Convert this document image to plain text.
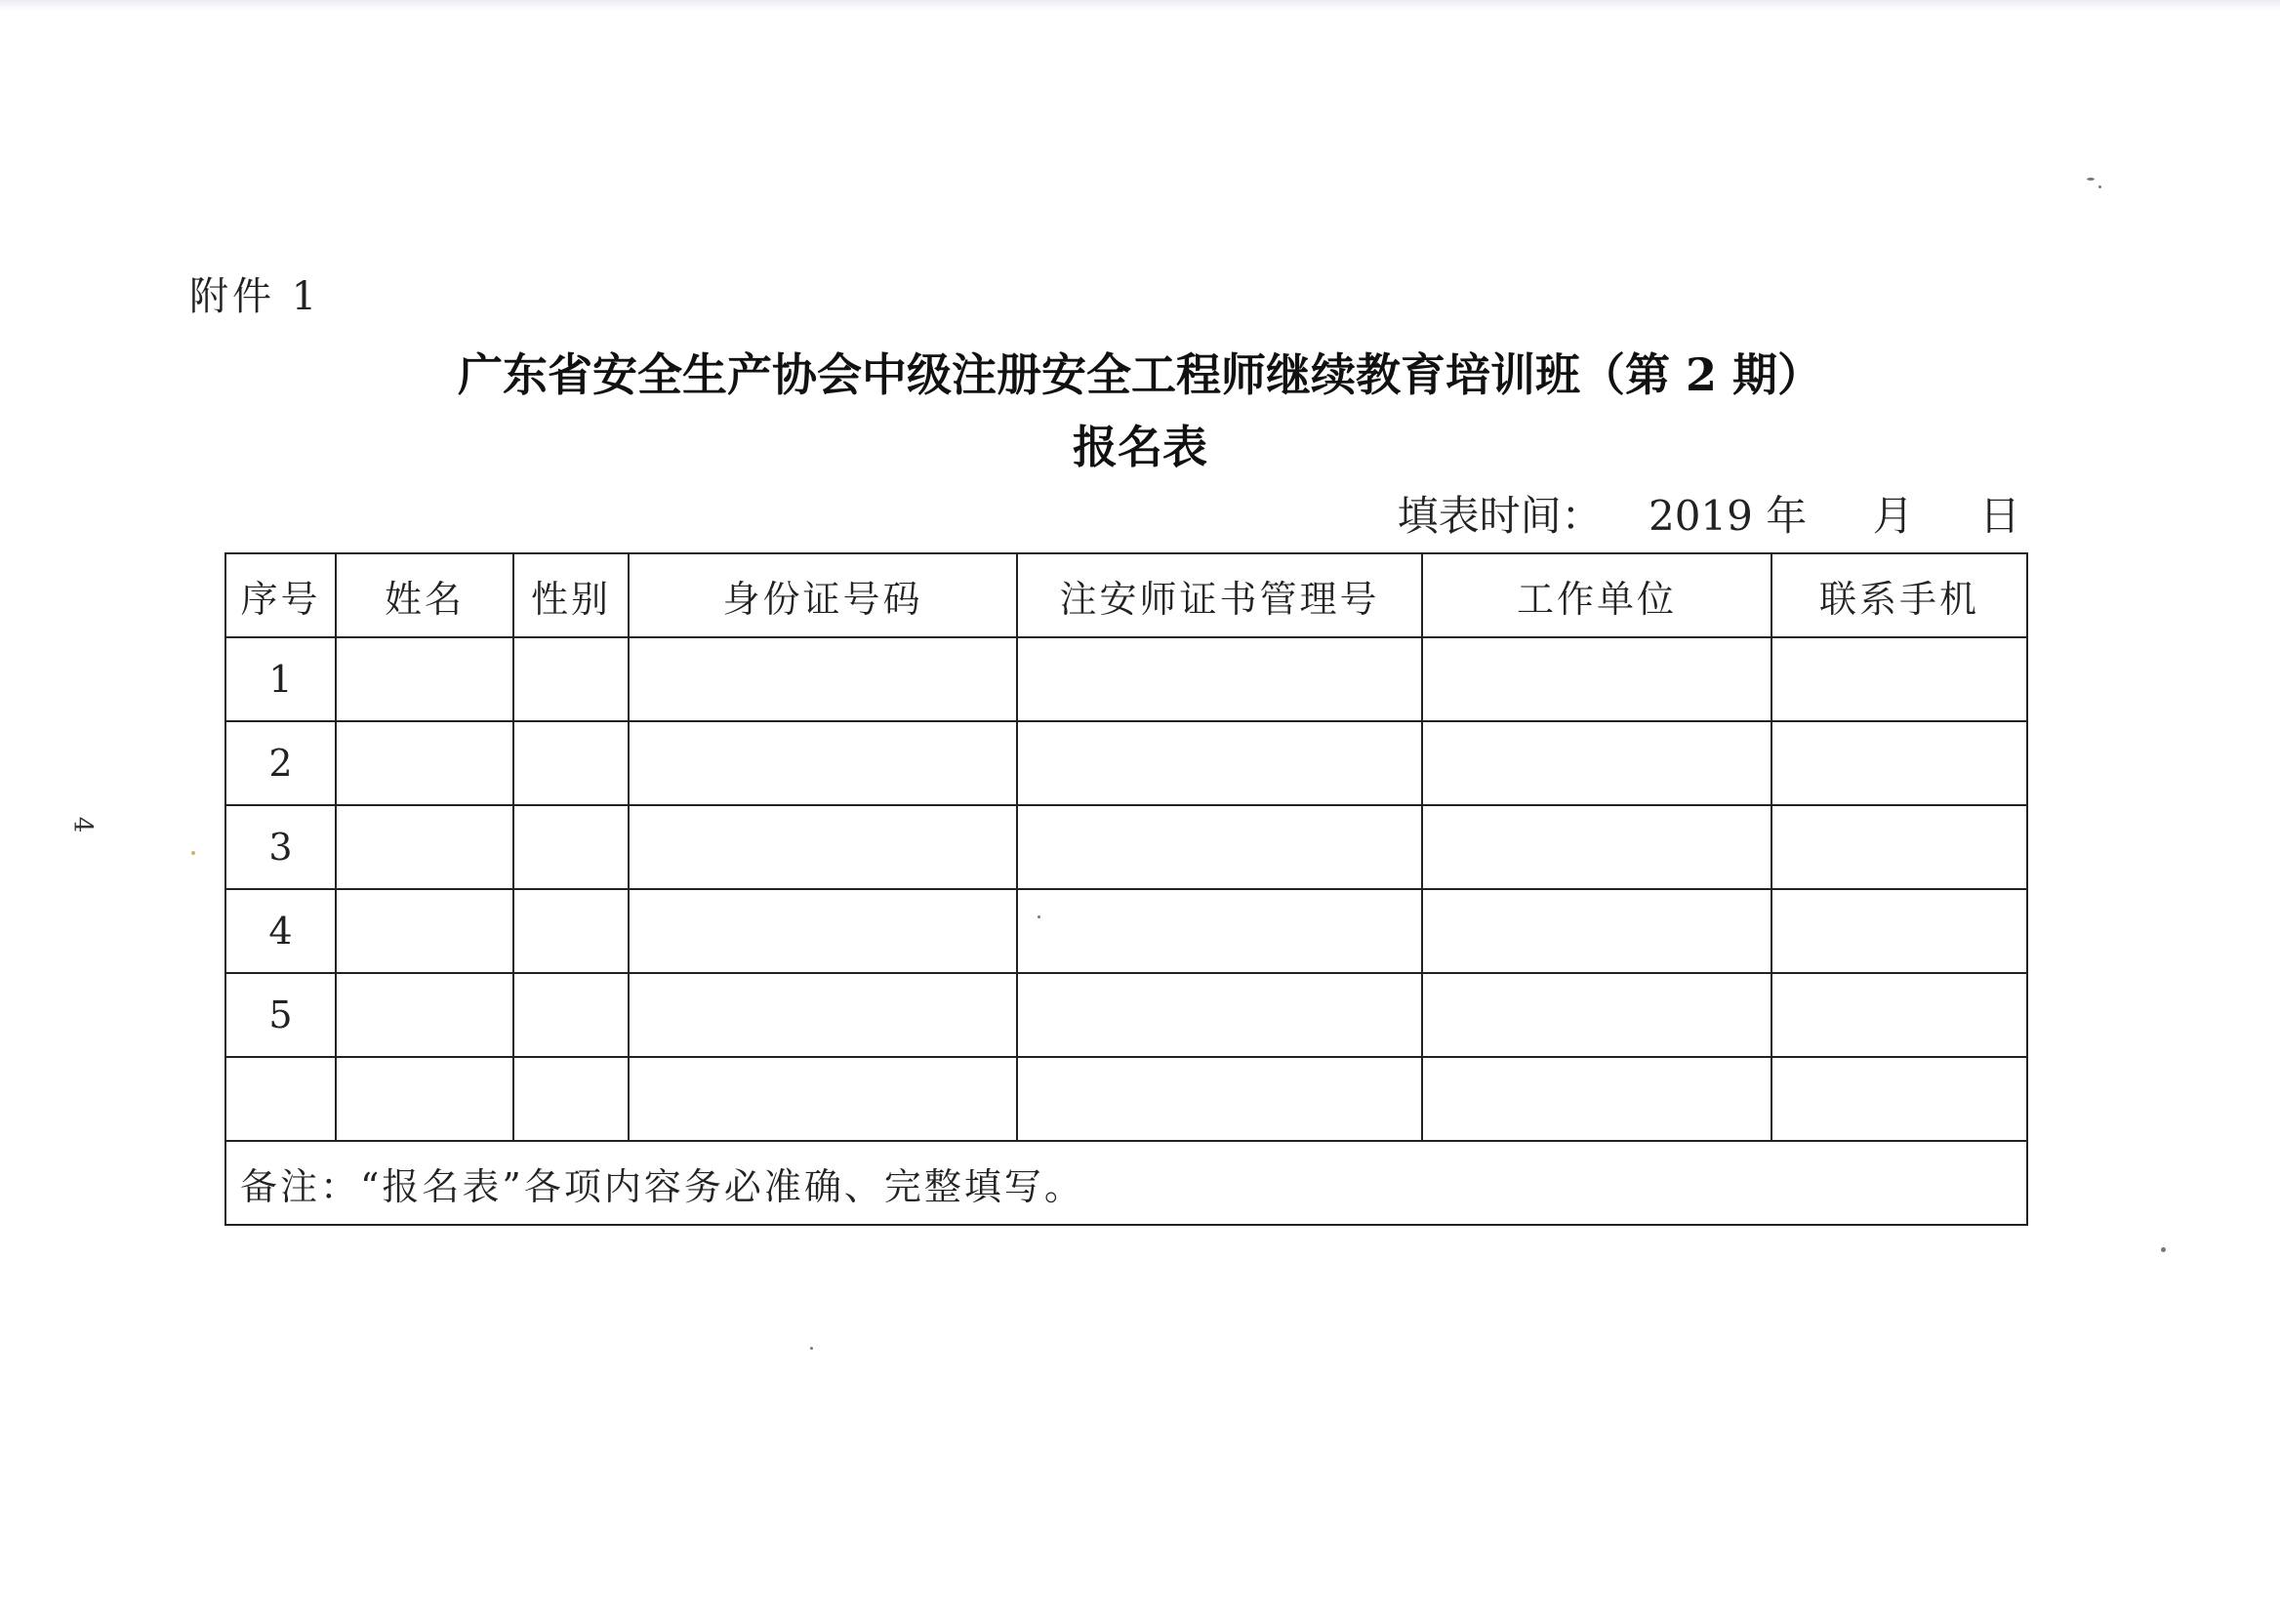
附件 1
广东省安全生产协会中级注册安全工程师继续教育培训班（第 2 期）
报名表
填表时间： 2019 年 月 日
序号	姓名	性别	身份证号码	注安师证书管理号	工作单位	联系手机
1						
2						
3						
4						
5						

备注：“报名表”各项内容务必准确、完整填写。						
4
